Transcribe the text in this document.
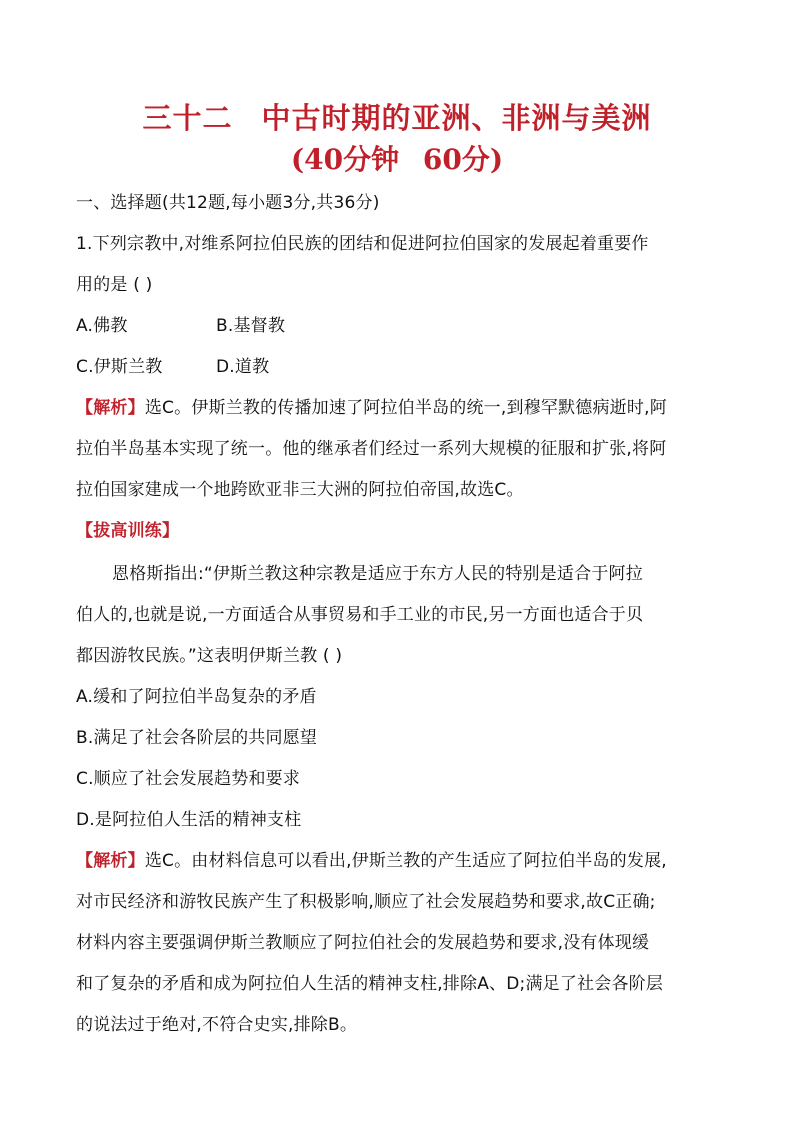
三十二 中古时期的亚洲、非洲与美洲
(40分钟 60分)
一、选择题(共12题,每小题3分,共36分)
1.下列宗教中,对维系阿拉伯民族的团结和促进阿拉伯国家的发展起着重要作
用的是 ( )
A.佛教	B.基督教
C.伊斯兰教	D.道教
【解析】选C。伊斯兰教的传播加速了阿拉伯半岛的统一,到穆罕默德病逝时,阿
拉伯半岛基本实现了统一。他的继承者们经过一系列大规模的征服和扩张,将阿
拉伯国家建成一个地跨欧亚非三大洲的阿拉伯帝国,故选C。
【拔高训练】
恩格斯指出:“伊斯兰教这种宗教是适应于东方人民的特别是适合于阿拉
伯人的,也就是说,一方面适合从事贸易和手工业的市民,另一方面也适合于贝
都因游牧民族。”这表明伊斯兰教 ( )
A.缓和了阿拉伯半岛复杂的矛盾
B.满足了社会各阶层的共同愿望
C.顺应了社会发展趋势和要求
D.是阿拉伯人生活的精神支柱
【解析】选C。由材料信息可以看出,伊斯兰教的产生适应了阿拉伯半岛的发展,
对市民经济和游牧民族产生了积极影响,顺应了社会发展趋势和要求,故C正确;
材料内容主要强调伊斯兰教顺应了阿拉伯社会的发展趋势和要求,没有体现缓
和了复杂的矛盾和成为阿拉伯人生活的精神支柱,排除A、D;满足了社会各阶层
的说法过于绝对,不符合史实,排除B。
